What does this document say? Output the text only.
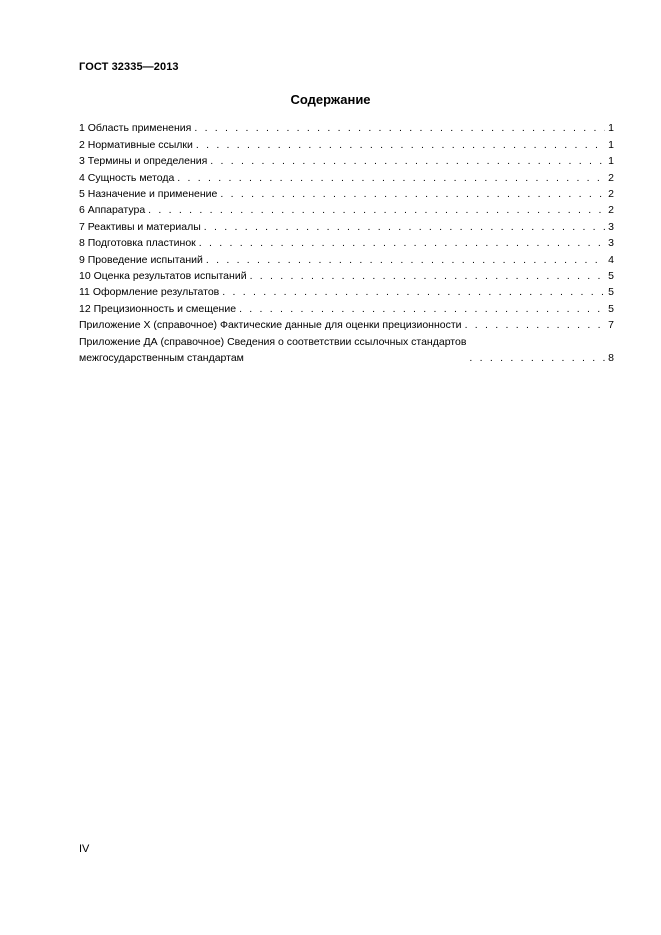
ГОСТ 32335—2013
Содержание
1 Область применения . . .	1
2 Нормативные ссылки . . .	1
3 Термины и определения . . .	1
4 Сущность метода . . .	2
5 Назначение и применение . . .	2
6 Аппаратура . . .	2
7 Реактивы и материалы . . .	3
8 Подготовка пластинок . . .	3
9 Проведение испытаний . . .	4
10 Оценка результатов испытаний . . .	5
11 Оформление результатов . . .	5
12 Прецизионность и смещение . . .	5
Приложение X (справочное) Фактические данные для оценки прецизионности . . .	7
Приложение ДА (справочное) Сведения о соответствии ссылочных стандартов
межгосударственным стандартам . . .	8
IV
